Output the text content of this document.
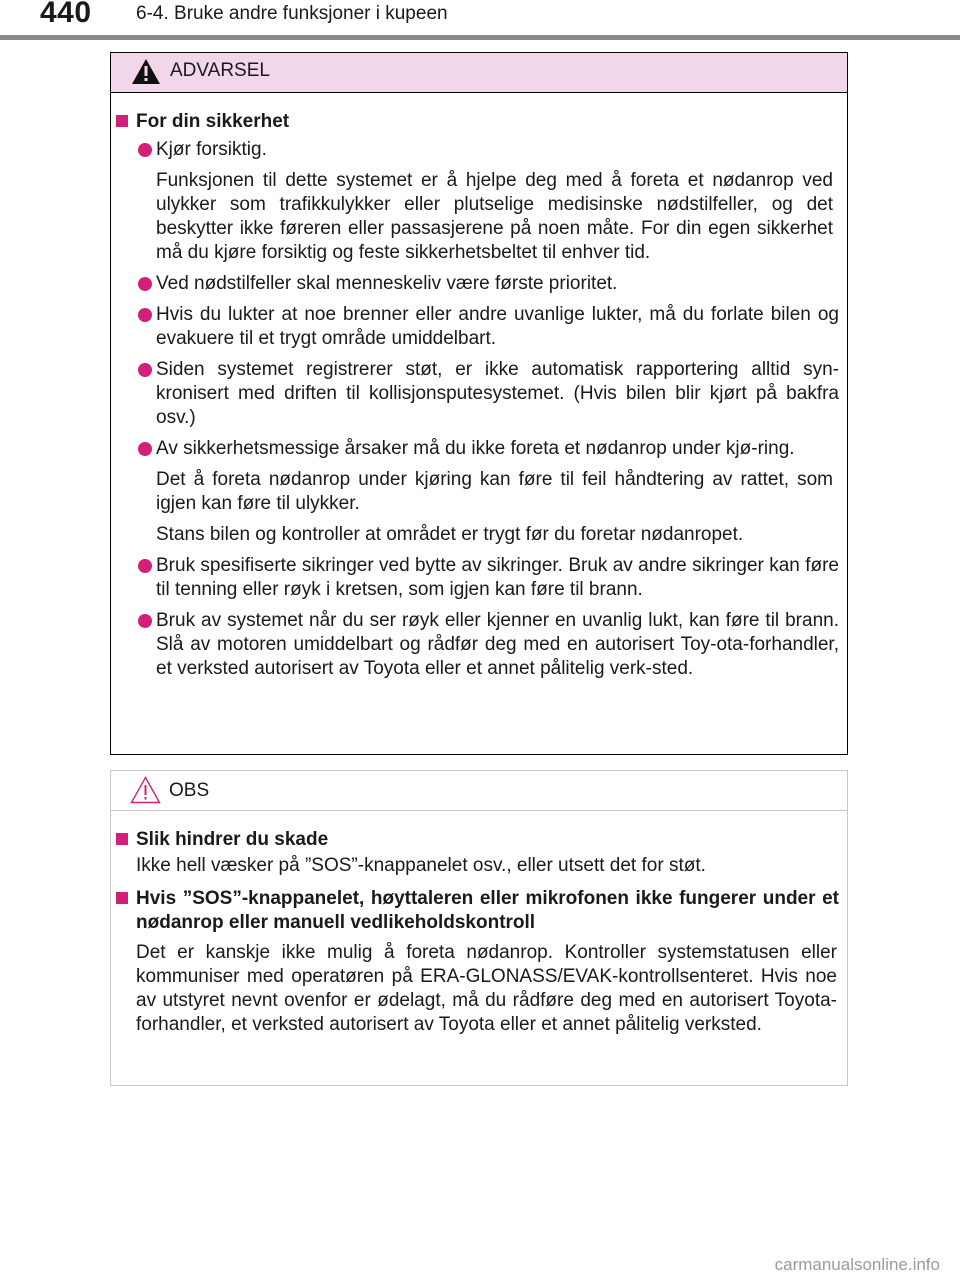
440 6-4. Bruke andre funksjoner i kupeen
ADVARSEL
For din sikkerhet
Kjør forsiktig.
Funksjonen til dette systemet er å hjelpe deg med å foreta et nødanrop ved ulykker som trafikkulykker eller plutselige medisinske nødstilfeller, og det beskytter ikke føreren eller passasjerene på noen måte. For din egen sikkerhet må du kjøre forsiktig og feste sikkerhetsbeltet til enhver tid.
Ved nødstilfeller skal menneskeliv være første prioritet.
Hvis du lukter at noe brenner eller andre uvanlige lukter, må du forlate bilen og evakuere til et trygt område umiddelbart.
Siden systemet registrerer støt, er ikke automatisk rapportering alltid syn-kronisert med driften til kollisjonsputesystemet. (Hvis bilen blir kjørt på bakfra osv.)
Av sikkerhetsmessige årsaker må du ikke foreta et nødanrop under kjø-ring.
Det å foreta nødanrop under kjøring kan føre til feil håndtering av rattet, som igjen kan føre til ulykker.
Stans bilen og kontroller at området er trygt før du foretar nødanropet.
Bruk spesifiserte sikringer ved bytte av sikringer. Bruk av andre sikringer kan føre til tenning eller røyk i kretsen, som igjen kan føre til brann.
Bruk av systemet når du ser røyk eller kjenner en uvanlig lukt, kan føre til brann. Slå av motoren umiddelbart og rådfør deg med en autorisert Toy-ota-forhandler, et verksted autorisert av Toyota eller et annet pålitelig verk-sted.
OBS
Slik hindrer du skade
Ikke hell væsker på ”SOS”-knappanelet osv., eller utsett det for støt.
Hvis ”SOS”-knappanelet, høyttaleren eller mikrofonen ikke fungerer under et nødanrop eller manuell vedlikeholdskontroll
Det er kanskje ikke mulig å foreta nødanrop. Kontroller systemstatusen eller kommuniser med operatøren på ERA-GLONASS/EVAK-kontrollsenteret. Hvis noe av utstyret nevnt ovenfor er ødelagt, må du rådføre deg med en autorisert Toyota-forhandler, et verksted autorisert av Toyota eller et annet pålitelig verksted.
carmanualsonline.info
